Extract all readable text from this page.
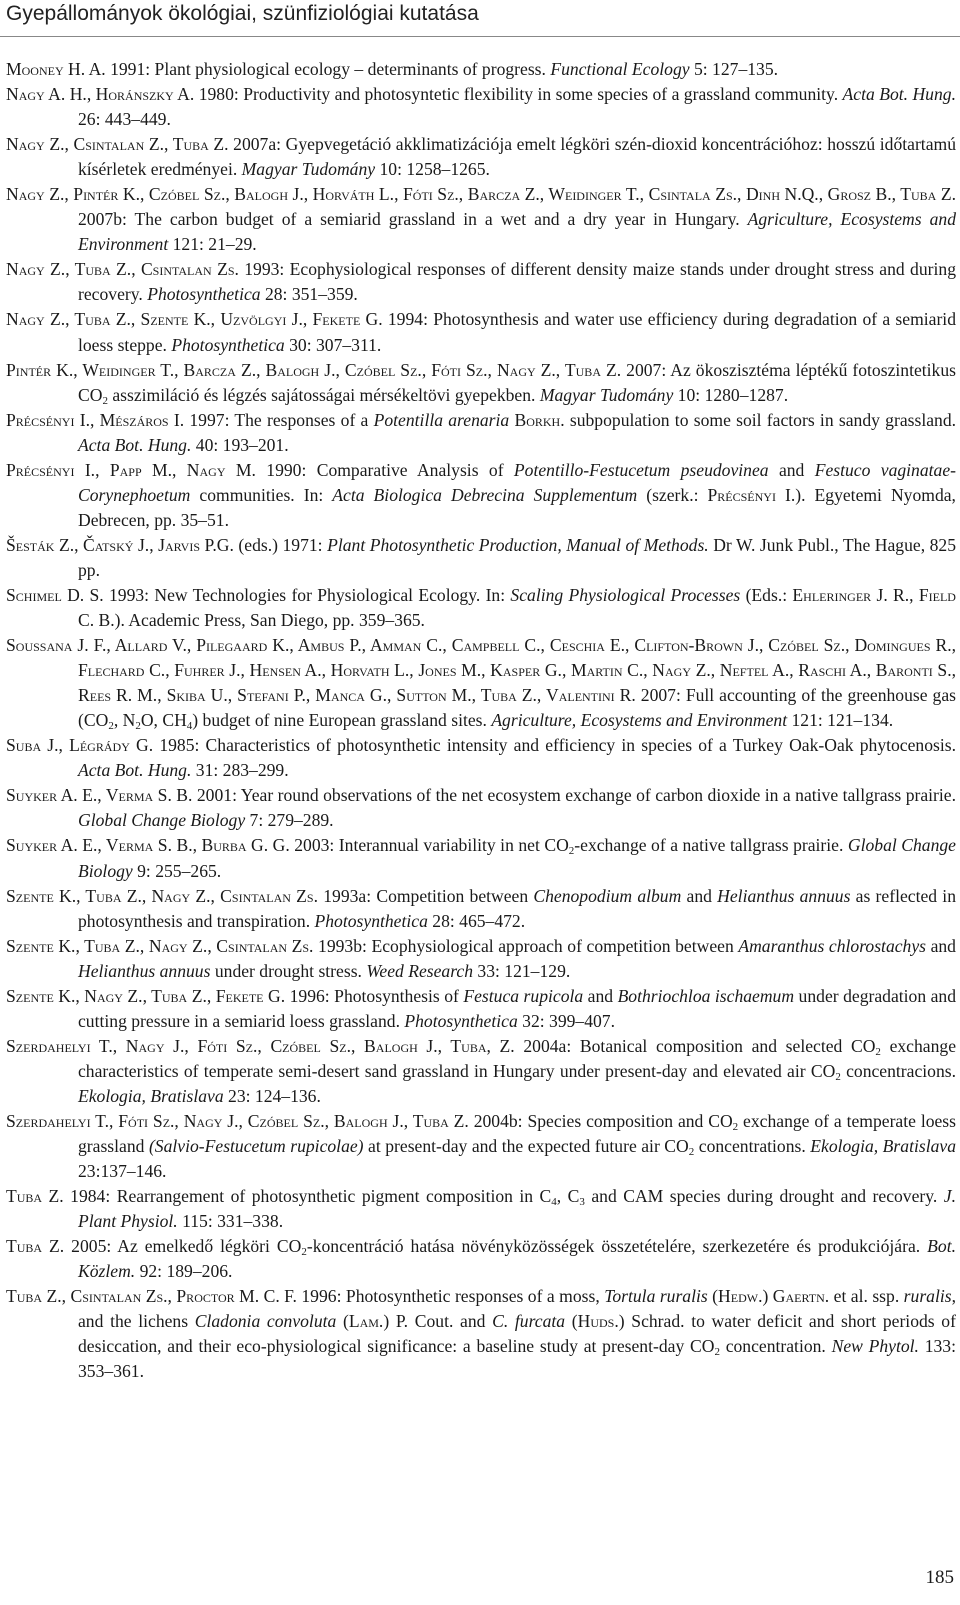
Gyepállományok ökológiai, szünfiziológiai kutatása

Mooney H. A. 1991: Plant physiological ecology – determinants of progress. Functional Ecology 5: 127–135.

Nagy A. H., Horánszky A. 1980: Productivity and photosyntetic flexibility in some species of a grassland community. Acta Bot. Hung. 26: 443–449.

Nagy Z., Csintalan Z., Tuba Z. 2007a: Gyepvegetáció akklimatizációja emelt légköri szén-dioxid koncentrációhoz: hosszú időtartamú kísérletek eredményei. Magyar Tudomány 10: 1258–1265.

Nagy Z., Pintér K., Czóbel Sz., Balogh J., Horváth L., Fóti Sz., Barcza Z., Weidinger T., Csintala Zs., Dinh N.Q., Grosz B., Tuba Z. 2007b: The carbon budget of a semiarid grassland in a wet and a dry year in Hungary. Agriculture, Ecosystems and Environment 121: 21–29.

Nagy Z., Tuba Z., Csintalan Zs. 1993: Ecophysiological responses of different density maize stands under drought stress and during recovery. Photosynthetica 28: 351–359.

Nagy Z., Tuba Z., Szente K., Uzvölgyi J., Fekete G. 1994: Photosynthesis and water use efficiency during degradation of a semiarid loess steppe. Photosynthetica 30: 307–311.

Pintér K., Weidinger T., Barcza Z., Balogh J., Czóbel Sz., Fóti Sz., Nagy Z., Tuba Z. 2007: Az ökoszisztéma léptékű fotoszintetikus $CO_2$ asszimiláció és légzés sajátosságai mérsékeltövi gyepekben. Magyar Tudomány 10: 1280–1287.

Précsényi I., Mészáros I. 1997: The responses of a Potentilla arenaria Borkh. subpopulation to some soil factors in sandy grassland. Acta Bot. Hung. 40: 193–201.

Précsényi I., Papp M., Nagy M. 1990: Comparative Analysis of Potentillo-Festucetum pseudovinea and Festuco vaginatae-Corynephoetum communities. In: Acta Biologica Debrecina Supplementum (szerk.: Précsényi I.). Egyetemi Nyomda, Debrecen, pp. 35–51.

Šesták Z., Čatský J., Jarvis P.G. (eds.) 1971: Plant Photosynthetic Production, Manual of Methods. Dr W. Junk Publ., The Hague, 825 pp.

Schimel D. S. 1993: New Technologies for Physiological Ecology. In: Scaling Physiological Processes (Eds.: Ehleringer J. R., Field C. B.). Academic Press, San Diego, pp. 359–365.

Soussana J. F., Allard V., Pilegaard K., Ambus P., Amman C., Campbell C., Ceschia E., Clifton-Brown J., Czóbel Sz., Domingues R., Flechard C., Fuhrer J., Hensen A., Horvath L., Jones M., Kasper G., Martin C., Nagy Z., Neftel A., Raschi A., Baronti S., Rees R. M., Skiba U., Stefani P., Manca G., Sutton M., Tuba Z., Valentini R. 2007: Full accounting of the greenhouse gas ($CO_2$, $N_2O$, $CH_4$) budget of nine European grassland sites. Agriculture, Ecosystems and Environment 121: 121–134.

Suba J., Légrády G. 1985: Characteristics of photosynthetic intensity and efficiency in species of a Turkey Oak-Oak phytocenosis. Acta Bot. Hung. 31: 283–299.

Suyker A. E., Verma S. B. 2001: Year round observations of the net ecosystem exchange of carbon dioxide in a native tallgrass prairie. Global Change Biology 7: 279–289.

Suyker A. E., Verma S. B., Burba G. G. 2003: Interannual variability in net $CO_2$-exchange of a native tallgrass prairie. Global Change Biology 9: 255–265.

Szente K., Tuba Z., Nagy Z., Csintalan Zs. 1993a: Competition between Chenopodium album and Helianthus annuus as reflected in photosynthesis and transpiration. Photosynthetica 28: 465–472.

Szente K., Tuba Z., Nagy Z., Csintalan Zs. 1993b: Ecophysiological approach of competition between Amaranthus chlorostachys and Helianthus annuus under drought stress. Weed Research 33: 121–129.

Szente K., Nagy Z., Tuba Z., Fekete G. 1996: Photosynthesis of Festuca rupicola and Bothriochloa ischaemum under degradation and cutting pressure in a semiarid loess grassland. Photosynthetica 32: 399–407.

Szerdahelyi T., Nagy J., Fóti Sz., Czóbel Sz., Balogh J., Tuba, Z. 2004a: Botanical composition and selected $CO_2$ exchange characteristics of temperate semi-desert sand grassland in Hungary under present-day and elevated air $CO_2$ concentracions. Ekologia, Bratislava 23: 124–136.

Szerdahelyi T., Fóti Sz., Nagy J., Czóbel Sz., Balogh J., Tuba Z. 2004b: Species composition and $CO_2$ exchange of a temperate loess grassland (Salvio-Festucetum rupicolae) at present-day and the expected future air $CO_2$ concentrations. Ekologia, Bratislava 23:137–146.

Tuba Z. 1984: Rearrangement of photosynthetic pigment composition in $C_4$, $C_3$ and CAM species during drought and recovery. J. Plant Physiol. 115: 331–338.

Tuba Z. 2005: Az emelkedő légköri $CO_2$-koncentráció hatása növényközösségek összetételére, szerkezetére és produkciójára. Bot. Közlem. 92: 189–206.

Tuba Z., Csintalan Zs., Proctor M. C. F. 1996: Photosynthetic responses of a moss, Tortula ruralis (Hedw.) Gaertn. et al. ssp. ruralis, and the lichens Cladonia convoluta (Lam.) P. Cout. and C. furcata (Huds.) Schrad. to water deficit and short periods of desiccation, and their eco-physiological significance: a baseline study at present-day $CO_2$ concentration. New Phytol. 133: 353–361.

185
